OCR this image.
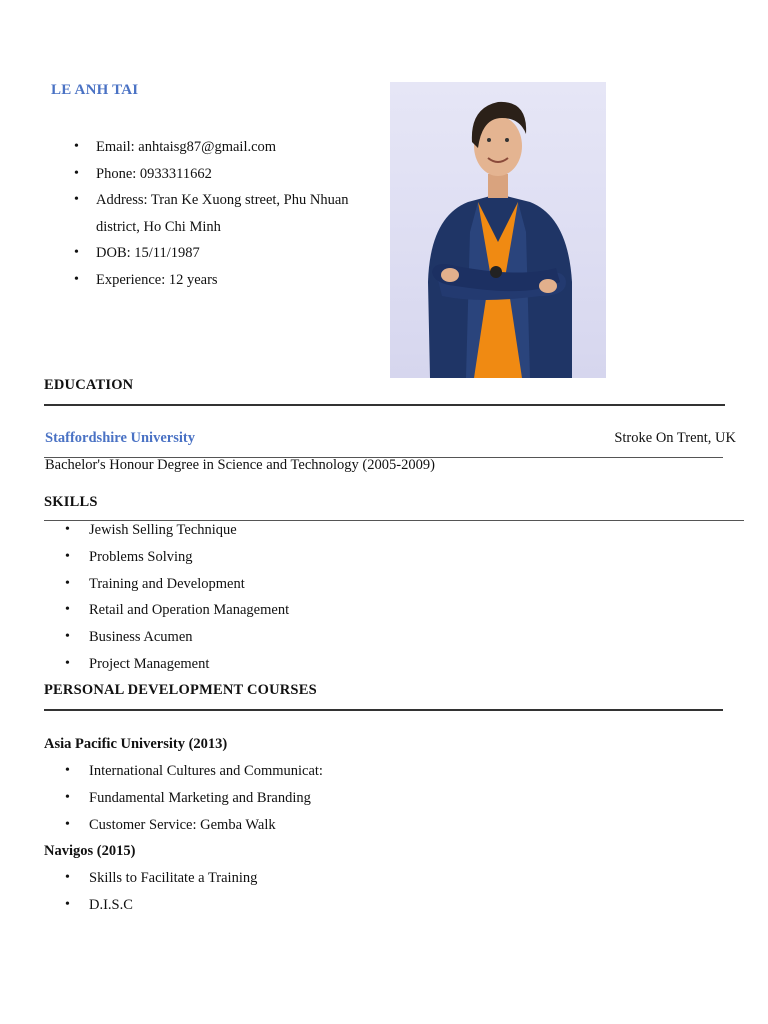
LE ANH TAI
• Email: anhtaisg87@gmail.com
• Phone: 0933311662
• Address: Tran Ke Xuong street, Phu Nhuan district, Ho Chi Minh
• DOB: 15/11/1987
• Experience: 12 years
EDUCATION
Staffordshire University	Stroke On Trent, UK
Bachelor's Honour Degree in Science and Technology (2005-2009)
SKILLS
• Jewish Selling Technique
• Problems Solving
• Training and Development
• Retail and Operation Management
• Business Acumen
• Project Management
PERSONAL DEVELOPMENT COURSES
Asia Pacific University (2013)
• International Cultures and Communicat:
• Fundamental Marketing and Branding
• Customer Service: Gemba Walk
Navigos (2015)
• Skills to Facilitate a Training
• D.I.S.C
